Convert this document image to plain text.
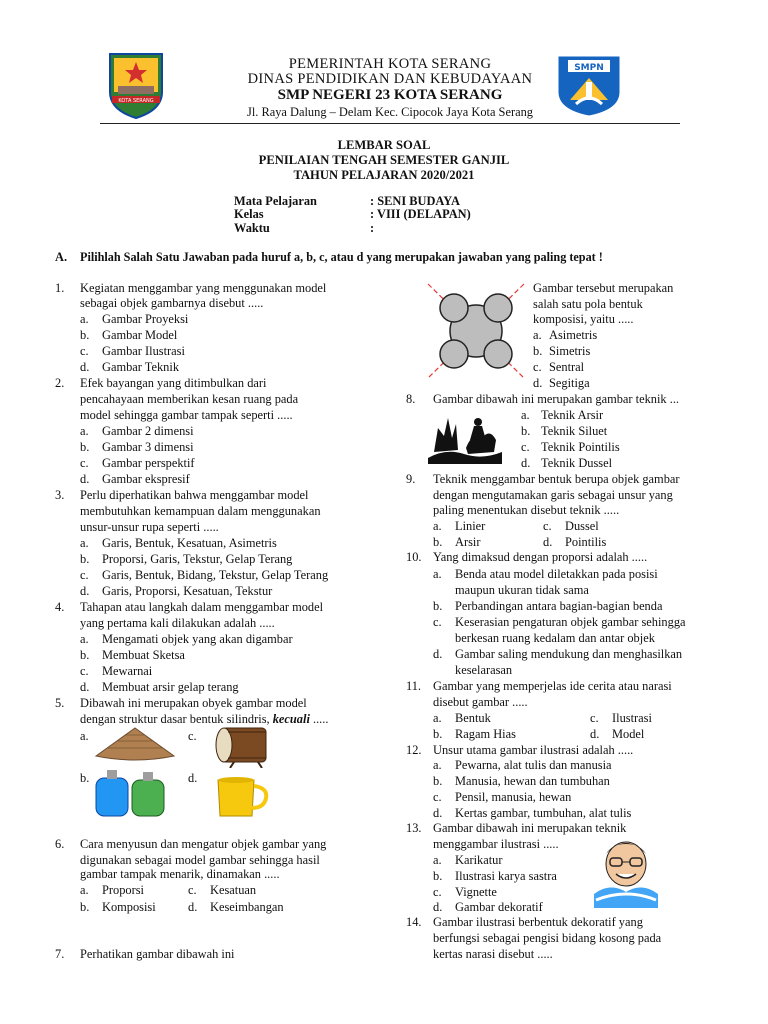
KOTA SERANG
PEMERINTAH KOTA SERANG
DINAS PENDIDIKAN DAN KEBUDAYAAN
SMP NEGERI 23 KOTA SERANG
Jl. Raya Dalung – Delam Kec. Cipocok Jaya Kota Serang
SMPN
LEMBAR SOAL
PENILAIAN TENGAH SEMESTER GANJIL
TAHUN PELAJARAN 2020/2021
Mata Pelajaran	: SENI BUDAYA
Kelas	: VIII (DELAPAN)
Waktu	:
A. Pilihlah Salah Satu Jawaban pada huruf a, b, c, atau d yang merupakan jawaban yang paling tepat !
1. Kegiatan menggambar yang menggunakan model
sebagai objek gambarnya disebut .....
a. Gambar Proyeksi
b. Gambar Model
c. Gambar Ilustrasi
d. Gambar Teknik
2. Efek bayangan yang ditimbulkan dari
pencahayaan memberikan kesan ruang pada
model sehingga gambar tampak seperti .....
a. Gambar 2 dimensi
b. Gambar 3 dimensi
c. Gambar perspektif
d. Gambar ekspresif
3. Perlu diperhatikan bahwa menggambar model
membutuhkan kemampuan dalam menggunakan
unsur-unsur rupa seperti .....
a. Garis, Bentuk, Kesatuan, Asimetris
b. Proporsi, Garis, Tekstur, Gelap Terang
c. Garis, Bentuk, Bidang, Tekstur, Gelap Terang
d. Garis, Proporsi, Kesatuan, Tekstur
4. Tahapan atau langkah dalam menggambar model
yang pertama kali dilakukan adalah .....
a. Mengamati objek yang akan digambar
b. Membuat Sketsa
c. Mewarnai
d. Membuat arsir gelap terang
5. Dibawah ini merupakan obyek gambar model
dengan struktur dasar bentuk silindris, kecuali .....
a.	c.
b.	d.
6. Cara menyusun dan mengatur objek gambar yang
digunakan sebagai model gambar sehingga hasil
gambar tampak menarik, dinamakan .....
a. Proporsi	c. Kesatuan
b. Komposisi	d. Keseimbangan
7. Perhatikan gambar dibawah ini
Gambar tersebut merupakan
salah satu pola bentuk
komposisi, yaitu .....
a. Asimetris
b. Simetris
c. Sentral
d. Segitiga
8. Gambar dibawah ini merupakan gambar teknik ...
a. Teknik Arsir
b. Teknik Siluet
c. Teknik Pointilis
d. Teknik Dussel
9. Teknik menggambar bentuk berupa objek gambar
dengan mengutamakan garis sebagai unsur yang
paling menentukan disebut teknik .....
a. Linier	c. Dussel
b. Arsir	d. Pointilis
10. Yang dimaksud dengan proporsi adalah .....
a. Benda atau model diletakkan pada posisi
maupun ukuran tidak sama
b. Perbandingan antara bagian-bagian benda
c. Keserasian pengaturan objek gambar sehingga
berkesan ruang kedalam dan antar objek
d. Gambar saling mendukung dan menghasilkan
keselarasan
11. Gambar yang memperjelas ide cerita atau narasi
disebut gambar .....
a. Bentuk	c. Ilustrasi
b. Ragam Hias	d. Model
12. Unsur utama gambar ilustrasi adalah .....
a. Pewarna, alat tulis dan manusia
b. Manusia, hewan dan tumbuhan
c. Pensil, manusia, hewan
d. Kertas gambar, tumbuhan, alat tulis
13. Gambar dibawah ini merupakan teknik
menggambar ilustrasi .....
a. Karikatur
b. Ilustrasi karya sastra
c. Vignette
d. Gambar dekoratif
14. Gambar ilustrasi berbentuk dekoratif yang
berfungsi sebagai pengisi bidang kosong pada
kertas narasi disebut .....
